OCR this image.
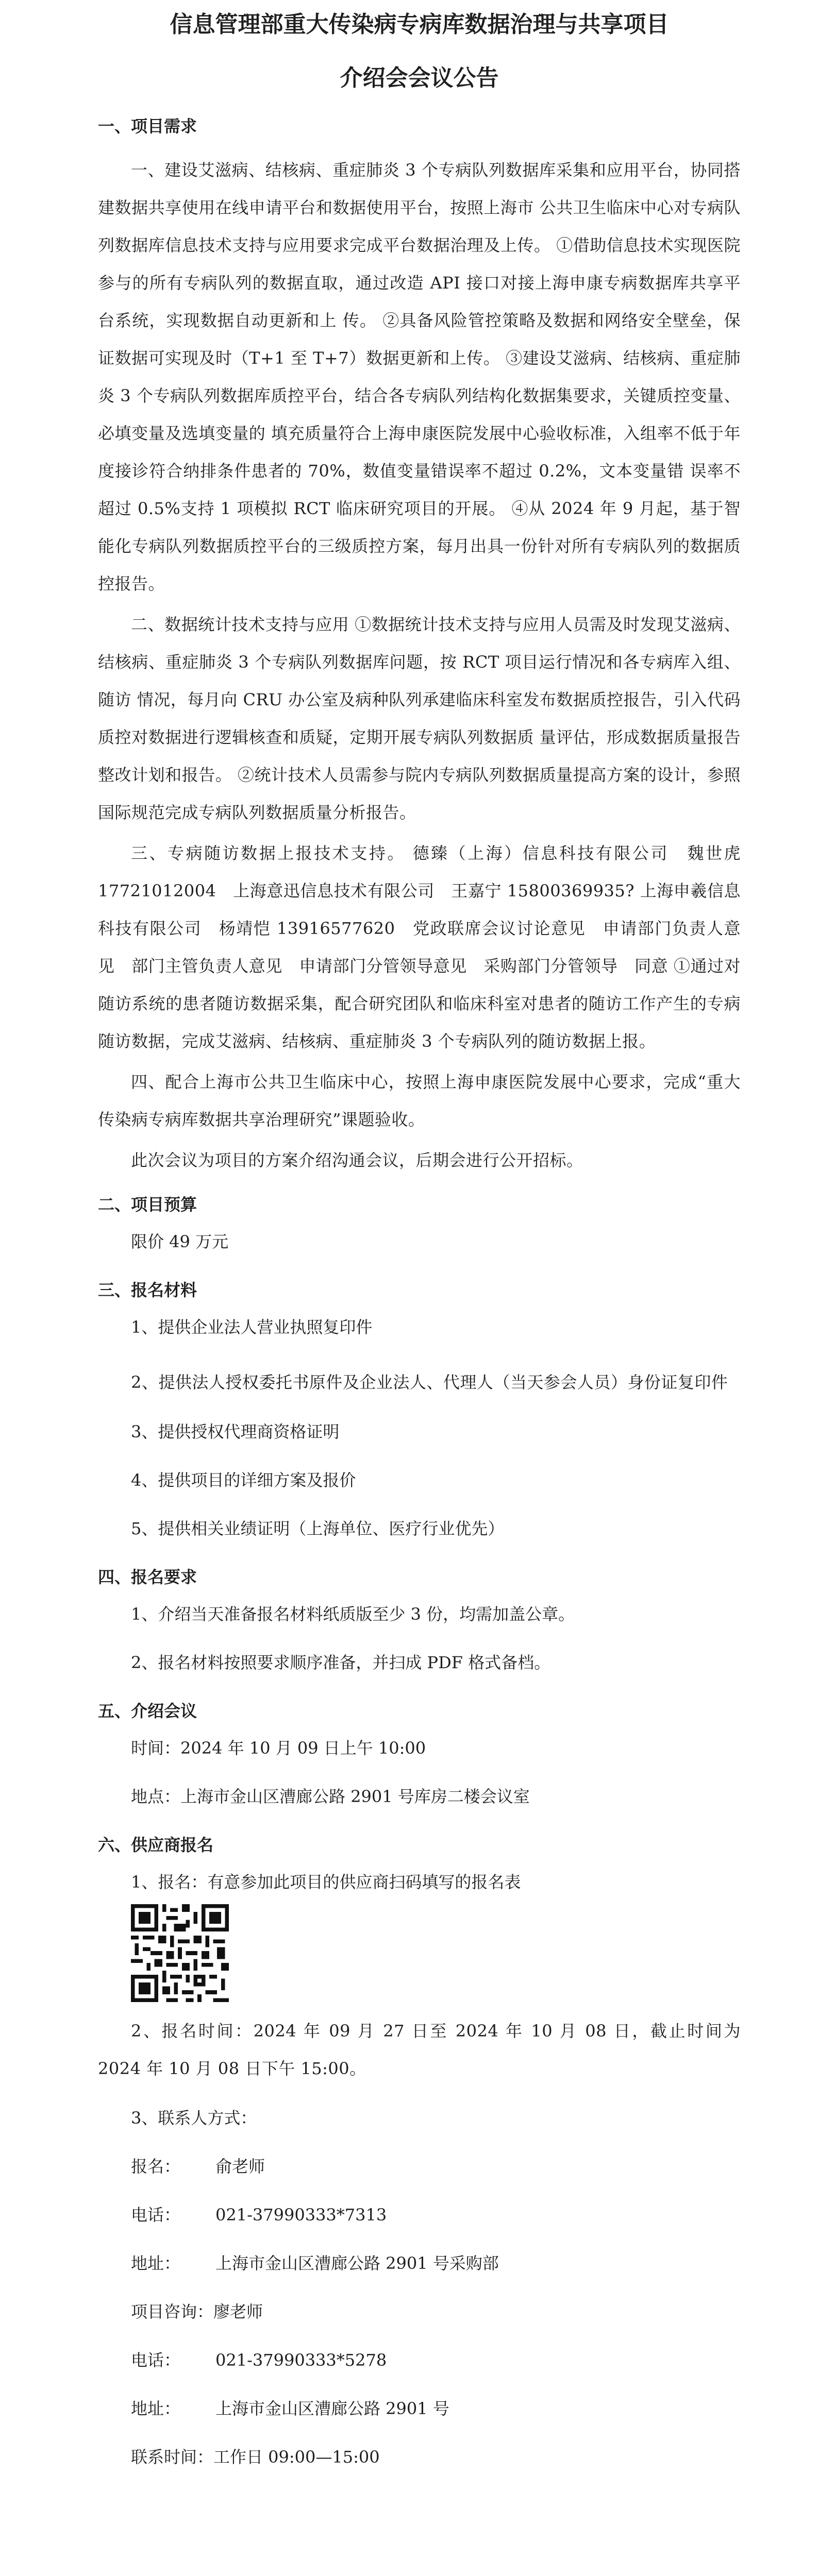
信息管理部重大传染病专病库数据治理与共享项目
介绍会会议公告
一、项目需求

一、建设艾滋病、结核病、重症肺炎 3 个专病队列数据库采集和应用平台，协同搭建数据共享使用在线申请平台和数据使用平台，按照上海市 公共卫生临床中心对专病队列数据库信息技术支持与应用要求完成平台数据治理及上传。 ①借助信息技术实现医院参与的所有专病队列的数据直取，通过改造 API 接口对接上海申康专病数据库共享平台系统，实现数据自动更新和上 传。 ②具备风险管控策略及数据和网络安全壁垒，保证数据可实现及时（T+1 至 T+7）数据更新和上传。 ③建设艾滋病、结核病、重症肺炎 3 个专病队列数据库质控平台，结合各专病队列结构化数据集要求，关键质控变量、必填变量及选填变量的 填充质量符合上海申康医院发展中心验收标准，入组率不低于年度接诊符合纳排条件患者的 70%，数值变量错误率不超过 0.2%，文本变量错 误率不超过 0.5%支持 1 项模拟 RCT 临床研究项目的开展。 ④从 2024 年 9 月起，基于智能化专病队列数据质控平台的三级质控方案，每月出具一份针对所有专病队列的数据质控报告。

二、数据统计技术支持与应用 ①数据统计技术支持与应用人员需及时发现艾滋病、结核病、重症肺炎 3 个专病队列数据库问题，按 RCT 项目运行情况和各专病库入组、随访 情况，每月向 CRU 办公室及病种队列承建临床科室发布数据质控报告，引入代码质控对数据进行逻辑核查和质疑，定期开展专病队列数据质 量评估，形成数据质量报告整改计划和报告。 ②统计技术人员需参与院内专病队列数据质量提高方案的设计，参照国际规范完成专病队列数据质量分析报告。

三、专病随访数据上报技术支持。 德臻（上海）信息科技有限公司　魏世虎 17721012004　上海意迅信息技术有限公司　王嘉宁 15800369935? 上海申羲信息科技有限公司　杨靖恺 13916577620　党政联席会议讨论意见　申请部门负责人意见　部门主管负责人意见　申请部门分管领导意见　采购部门分管领导　同意 ①通过对随访系统的患者随访数据采集，配合研究团队和临床科室对患者的随访工作产生的专病随访数据，完成艾滋病、结核病、重症肺炎 3 个专病队列的随访数据上报。

四、配合上海市公共卫生临床中心，按照上海申康医院发展中心要求，完成“重大传染病专病库数据共享治理研究”课题验收。

此次会议为项目的方案介绍沟通会议，后期会进行公开招标。

二、项目预算
限价 49 万元
三、报名材料
1、提供企业法人营业执照复印件

2、提供法人授权委托书原件及企业法人、代理人（当天参会人员）身份证复印件

3、提供授权代理商资格证明
4、提供项目的详细方案及报价
5、提供相关业绩证明（上海单位、医疗行业优先）
四、报名要求
1、介绍当天准备报名材料纸质版至少 3 份，均需加盖公章。
2、报名材料按照要求顺序准备，并扫成 PDF 格式备档。
五、介绍会议
时间：2024 年 10 月 09 日上午 10:00
地点：上海市金山区漕廊公路 2901 号库房二楼会议室
六、供应商报名
1、报名：有意参加此项目的供应商扫码填写的报名表

2、报名时间：2024 年 09 月 27 日至 2024 年 10 月 08 日，截止时间为 2024 年 10 月 08 日下午 15:00。

3、联系人方式：
报名：	俞老师
电话：	021-37990333*7313
地址：	上海市金山区漕廊公路 2901 号采购部
项目咨询：廖老师
电话：	021-37990333*5278
地址：	上海市金山区漕廊公路 2901 号
联系时间：工作日 09:00—15:00
